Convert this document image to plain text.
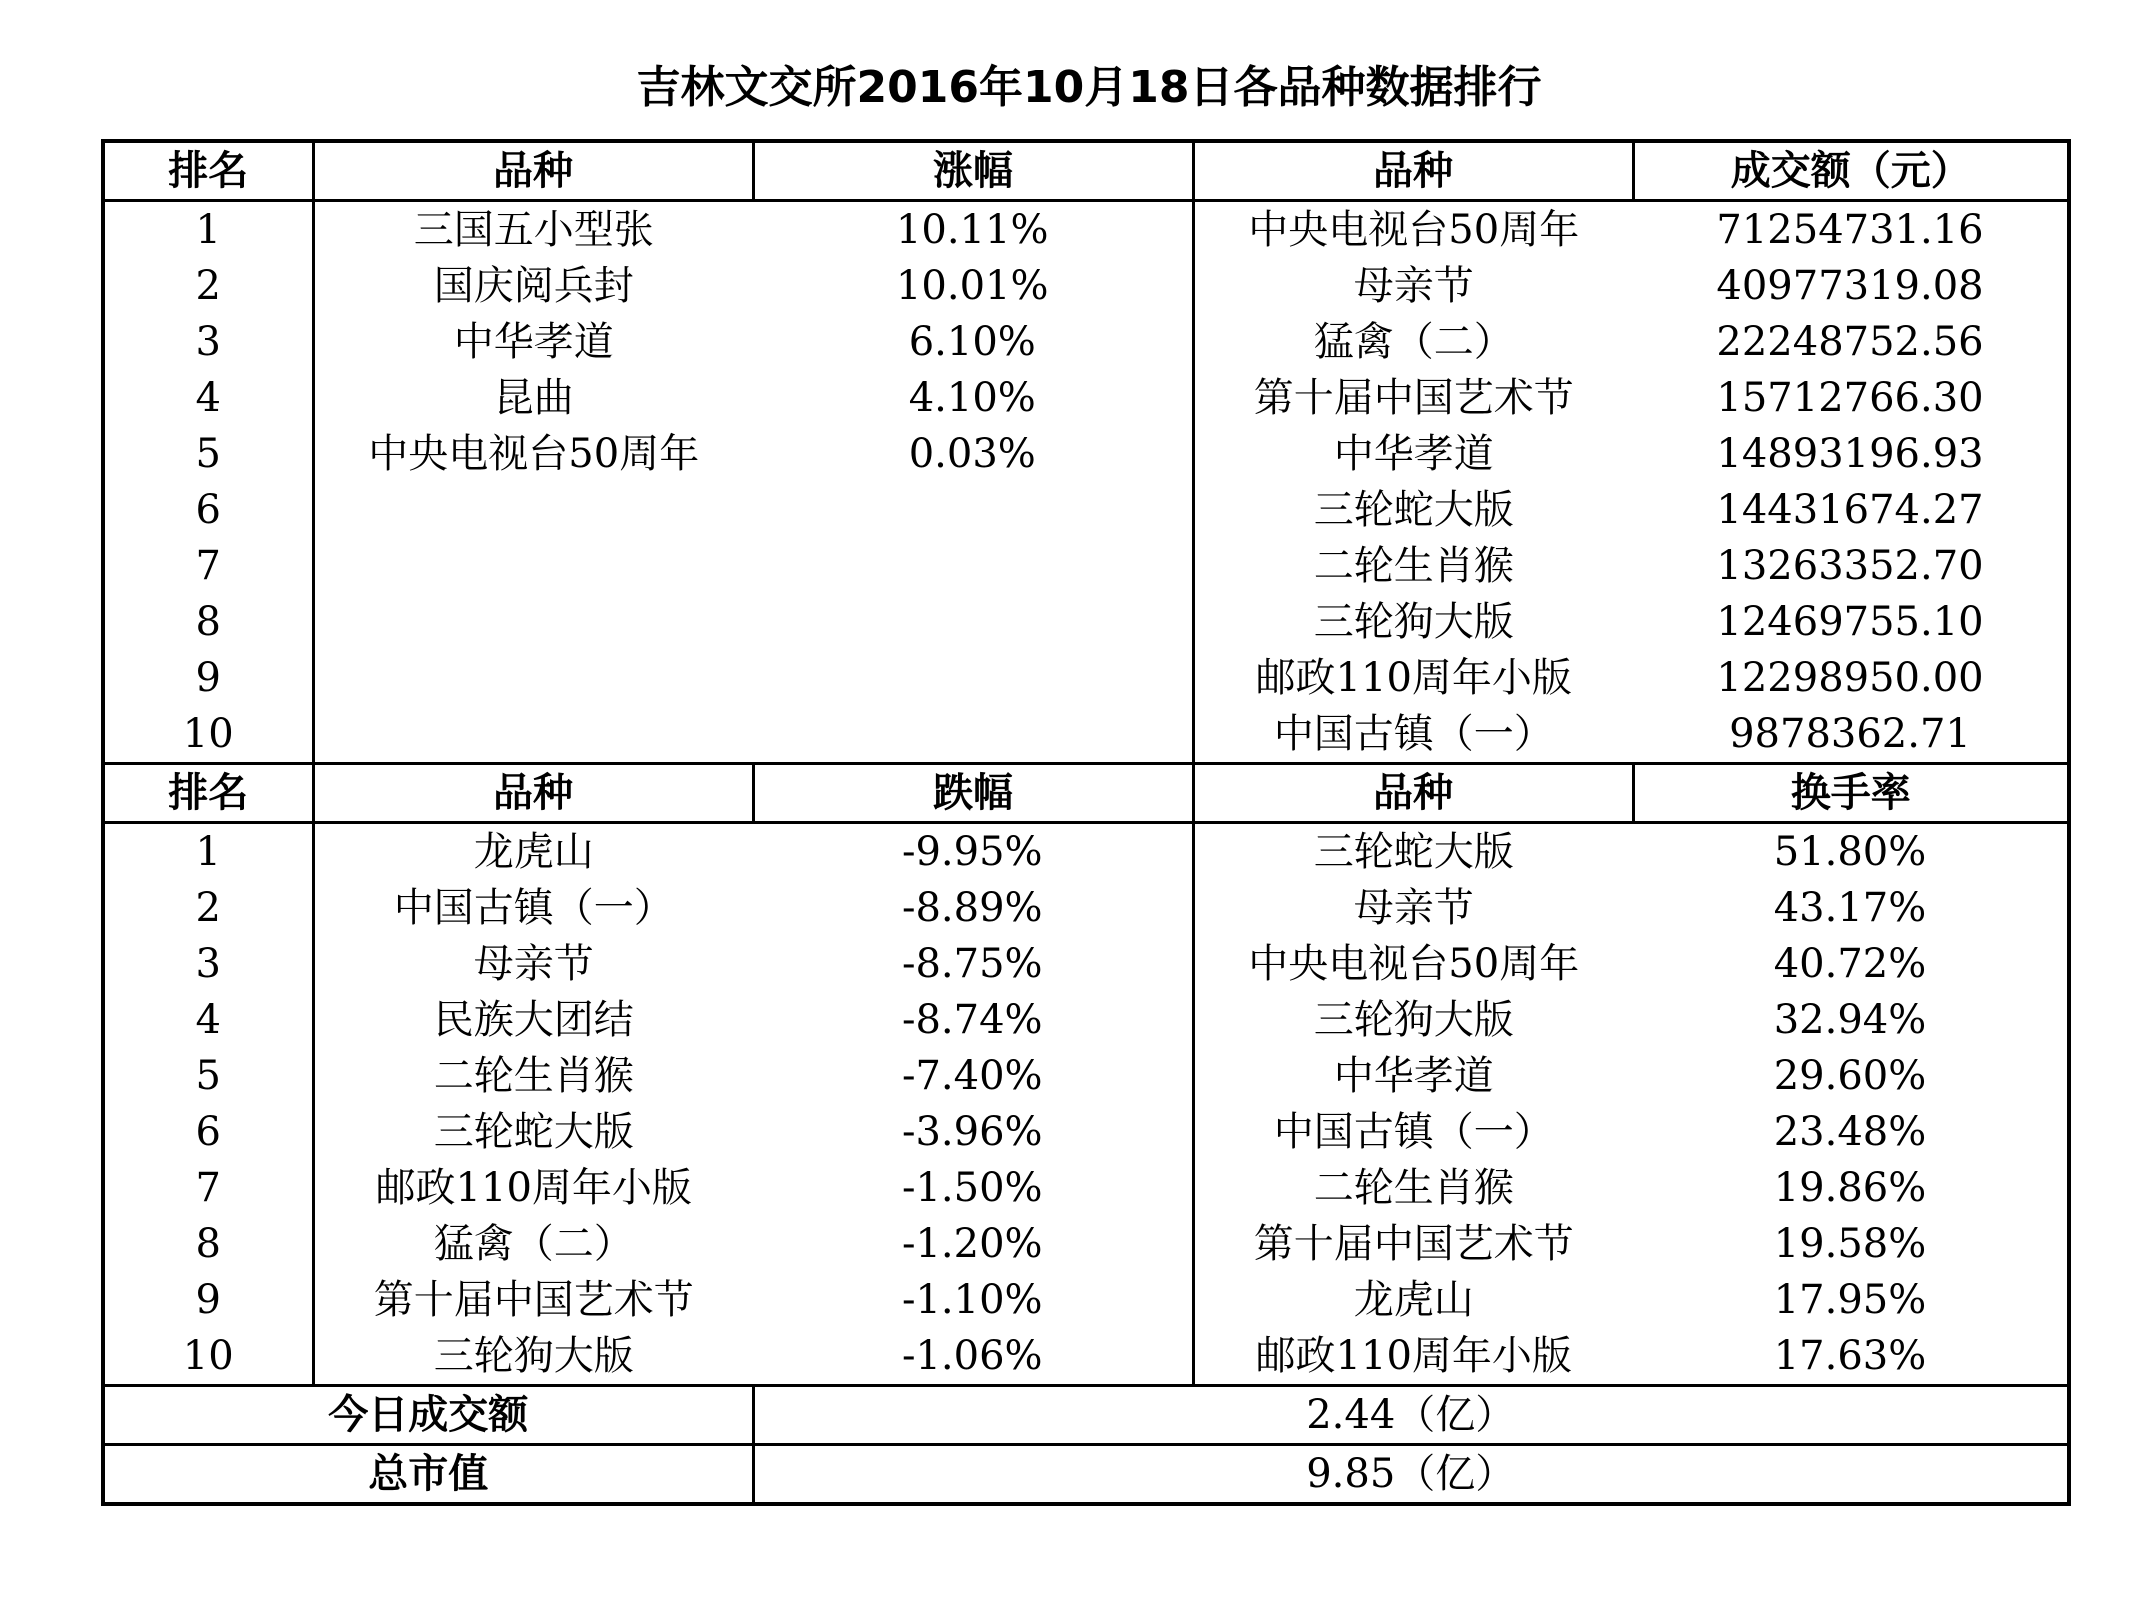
吉林文交所2016年10月18日各品种数据排行
排名	品种	涨幅	品种	成交额（元）
1	三国五小型张	10.11%	中央电视台50周年	71254731.16
2	国庆阅兵封	10.01%	母亲节	40977319.08
3	中华孝道	6.10%	猛禽（二）	22248752.56
4	昆曲	4.10%	第十届中国艺术节	15712766.30
5	中央电视台50周年	0.03%	中华孝道	14893196.93
6			三轮蛇大版	14431674.27
7			二轮生肖猴	13263352.70
8			三轮狗大版	12469755.10
9			邮政110周年小版	12298950.00
10			中国古镇（一）	9878362.71
排名	品种	跌幅	品种	换手率
1	龙虎山	-9.95%	三轮蛇大版	51.80%
2	中国古镇（一）	-8.89%	母亲节	43.17%
3	母亲节	-8.75%	中央电视台50周年	40.72%
4	民族大团结	-8.74%	三轮狗大版	32.94%
5	二轮生肖猴	-7.40%	中华孝道	29.60%
6	三轮蛇大版	-3.96%	中国古镇（一）	23.48%
7	邮政110周年小版	-1.50%	二轮生肖猴	19.86%
8	猛禽（二）	-1.20%	第十届中国艺术节	19.58%
9	第十届中国艺术节	-1.10%	龙虎山	17.95%
10	三轮狗大版	-1.06%	邮政110周年小版	17.63%
今日成交额		2.44（亿）		
总市值		9.85（亿）		
